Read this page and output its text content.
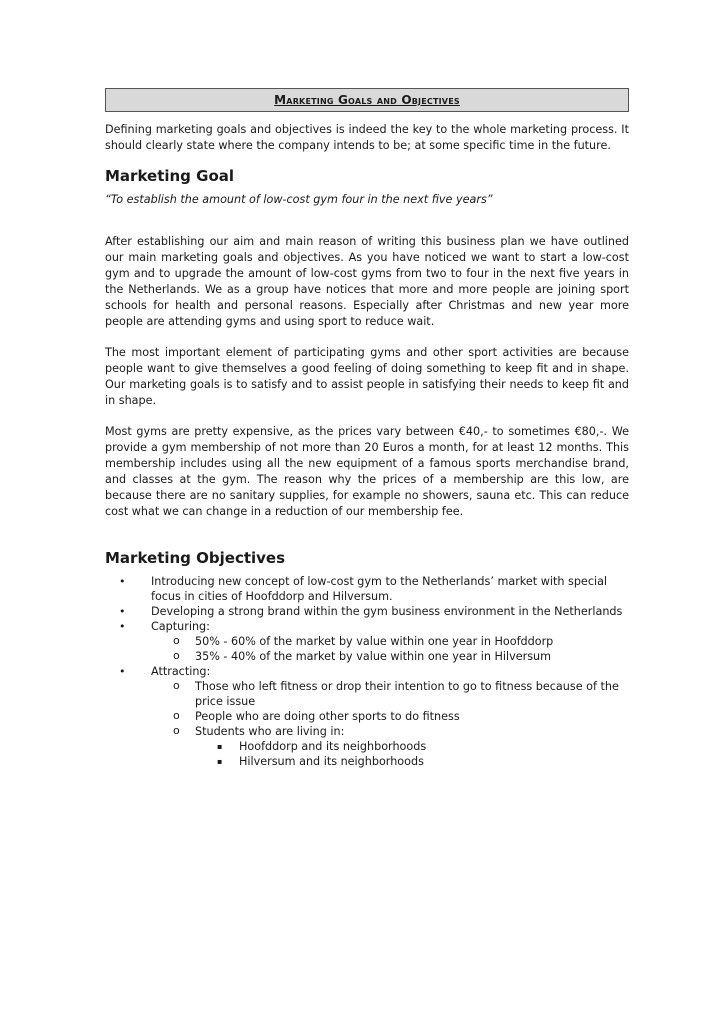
Marketing Goals and Objectives

Defining marketing goals and objectives is indeed the key to the whole marketing process. It should clearly state where the company intends to be; at some specific time in the future.

Marketing Goal

“To establish the amount of low-cost gym four in the next five years”

After establishing our aim and main reason of writing this business plan we have outlined our main marketing goals and objectives. As you have noticed we want to start a low-cost gym and to upgrade the amount of low-cost gyms from two to four in the next five years in the Netherlands. We as a group have notices that more and more people are joining sport schools for health and personal reasons. Especially after Christmas and new year more people are attending gyms and using sport to reduce wait.

The most important element of participating gyms and other sport activities are because people want to give themselves a good feeling of doing something to keep fit and in shape. Our marketing goals is to satisfy and to assist people in satisfying their needs to keep fit and in shape.

Most gyms are pretty expensive, as the prices vary between €40,- to sometimes €80,-. We provide a gym membership of not more than 20 Euros a month, for at least 12 months. This membership includes using all the new equipment of a famous sports merchandise brand, and classes at the gym. The reason why the prices of a membership are this low, are because there are no sanitary supplies, for example no showers, sauna etc. This can reduce cost what we can change in a reduction of our membership fee.

Marketing Objectives
• Introducing new concept of low-cost gym to the Netherlands’ market with special focus in cities of Hoofddorp and Hilversum.
• Developing a strong brand within the gym business environment in the Netherlands
• Capturing:
o 50% - 60% of the market by value within one year in Hoofddorp
o 35% - 40% of the market by value within one year in Hilversum
• Attracting:
o Those who left fitness or drop their intention to go to fitness because of the price issue
o People who are doing other sports to do fitness
o Students who are living in:
▪ Hoofddorp and its neighborhoods
▪ Hilversum and its neighborhoods
